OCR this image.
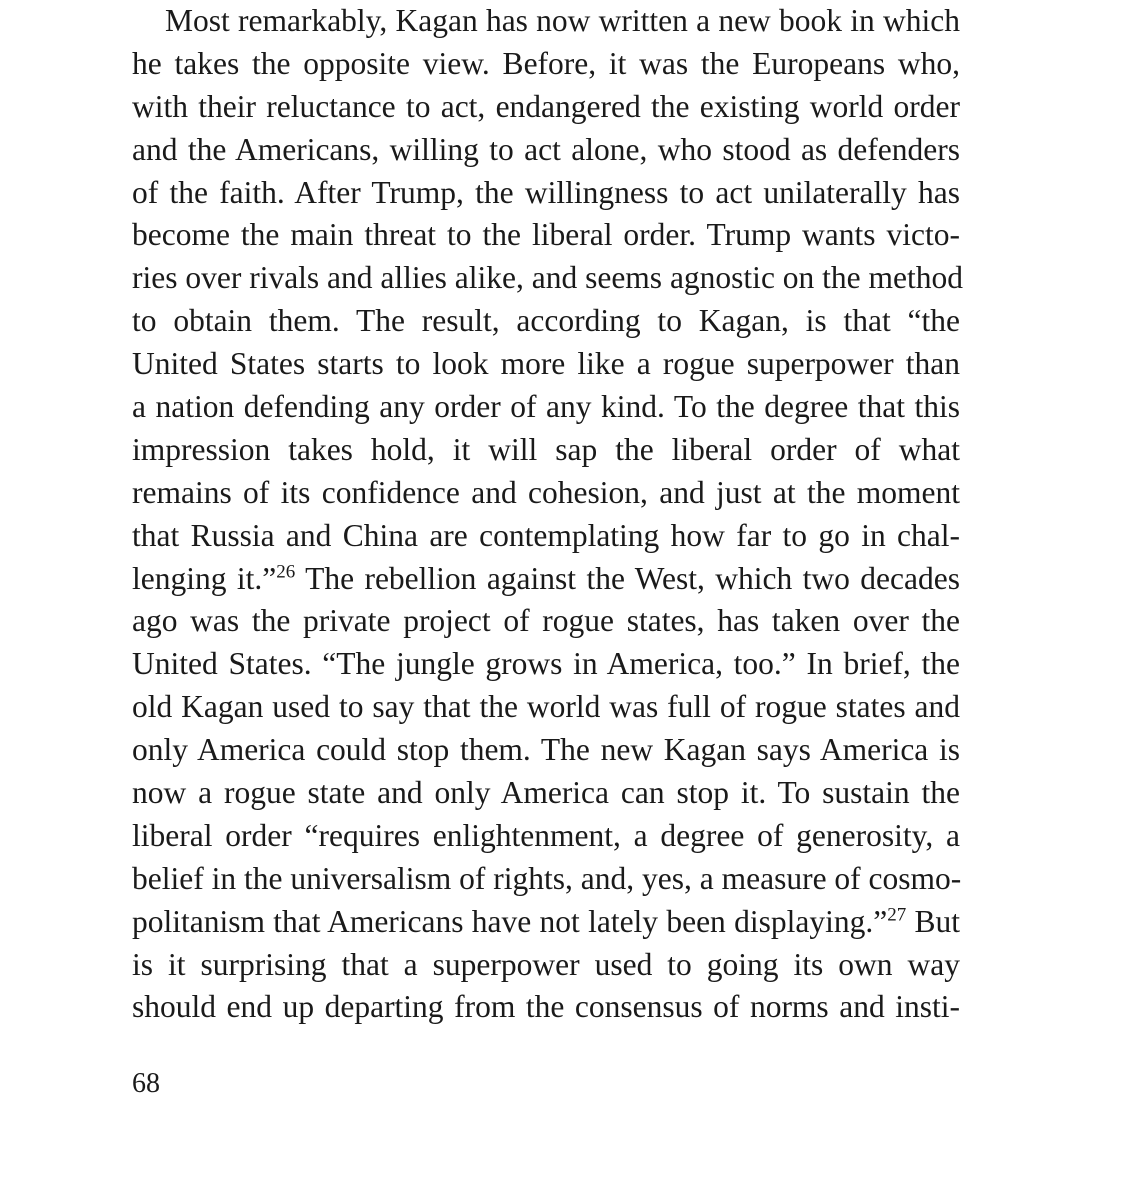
Most remarkably, Kagan has now written a new book in which
he takes the opposite view. Before, it was the Europeans who,
with their reluctance to act, endangered the existing world order
and the Americans, willing to act alone, who stood as defenders
of the faith. After Trump, the willingness to act unilaterally has
become the main threat to the liberal order. Trump wants victo-
ries over rivals and allies alike, and seems agnostic on the method
to obtain them. The result, according to Kagan, is that “the
United States starts to look more like a rogue superpower than
a nation defending any order of any kind. To the degree that this
impression takes hold, it will sap the liberal order of what
remains of its confidence and cohesion, and just at the moment
that Russia and China are contemplating how far to go in chal-
lenging it.”$^{26}$ The rebellion against the West, which two decades
ago was the private project of rogue states, has taken over the
United States. “The jungle grows in America, too.” In brief, the
old Kagan used to say that the world was full of rogue states and
only America could stop them. The new Kagan says America is
now a rogue state and only America can stop it. To sustain the
liberal order “requires enlightenment, a degree of generosity, a
belief in the universalism of rights, and, yes, a measure of cosmo-
politanism that Americans have not lately been displaying.”$^{27}$ But
is it surprising that a superpower used to going its own way
should end up departing from the consensus of norms and insti-
68
